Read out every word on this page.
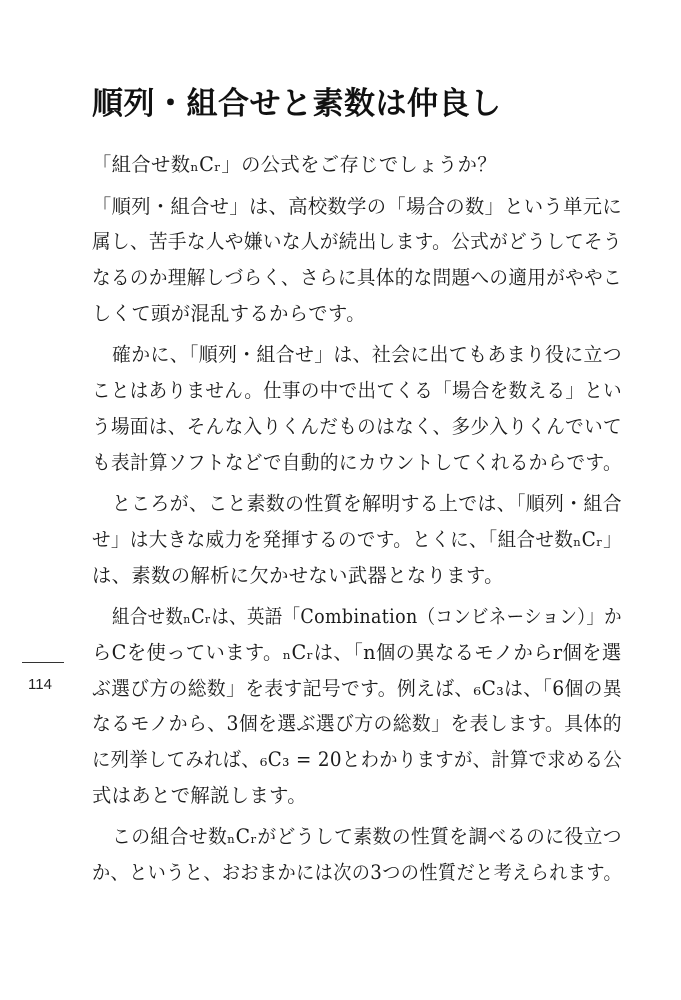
順列・組合せと素数は仲良し
「組合せ数ₙCᵣ」の公式をご存じでしょうか？
「順列・組合せ」は、高校数学の「場合の数」という単元に
属し、苦手な人や嫌いな人が続出します。公式がどうしてそう
なるのか理解しづらく、さらに具体的な問題への適用がややこ
しくて頭が混乱するからです。
確かに、「順列・組合せ」は、社会に出てもあまり役に立つ
ことはありません。仕事の中で出てくる「場合を数える」とい
う場面は、そんな入りくんだものはなく、多少入りくんでいて
も表計算ソフトなどで自動的にカウントしてくれるからです。
ところが、こと素数の性質を解明する上では、「順列・組合
せ」は大きな威力を発揮するのです。とくに、「組合せ数ₙCᵣ」
は、素数の解析に欠かせない武器となります。
組合せ数ₙCᵣは、英語「Combination（コンビネーション）」か
らCを使っています。ₙCᵣは、「n個の異なるモノからr個を選
ぶ選び方の総数」を表す記号です。例えば、₆C₃は、「6個の異
なるモノから、3個を選ぶ選び方の総数」を表します。具体的
に列挙してみれば、₆C₃ = 20とわかりますが、計算で求める公
式はあとで解説します。
この組合せ数ₙCᵣがどうして素数の性質を調べるのに役立つ
か、というと、おおまかには次の3つの性質だと考えられます。
114
